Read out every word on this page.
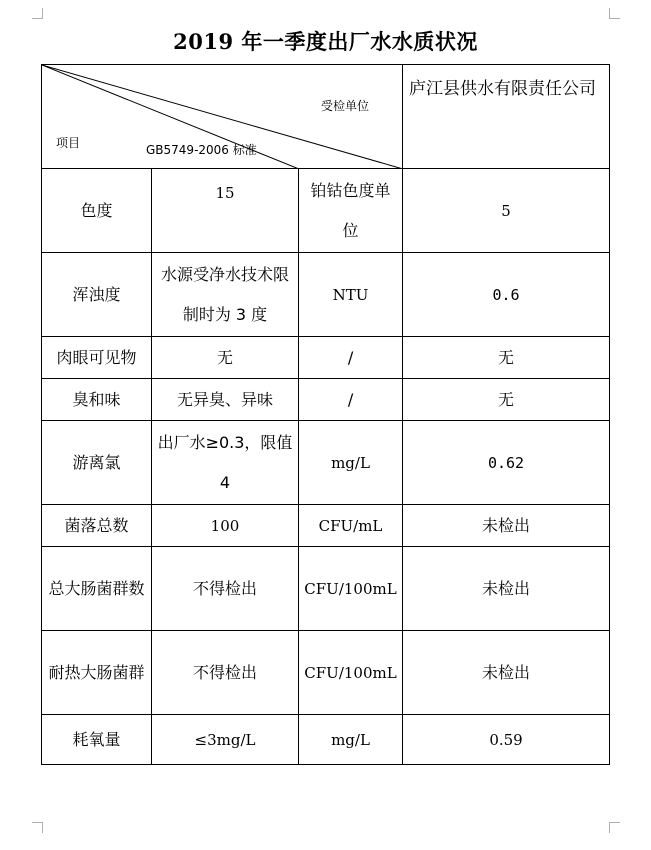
2019 年一季度出厂水水质状况
受检单位
项目 GB5749-2006 标准			庐江县供水有限责任公司
色度	15	铂钴色度单位	5
浑浊度	水源受净水技术限制时为 3 度	NTU	0.6
肉眼可见物	无	/	无
臭和味	无异臭、异味	/	无
游离氯	出厂水≥0.3，限值 4	mg/L	0.62
菌落总数	100	CFU/mL	未检出
总大肠菌群数	不得检出	CFU/100mL	未检出
耐热大肠菌群	不得检出	CFU/100mL	未检出
耗氧量	≤3mg/L	mg/L	0.59
